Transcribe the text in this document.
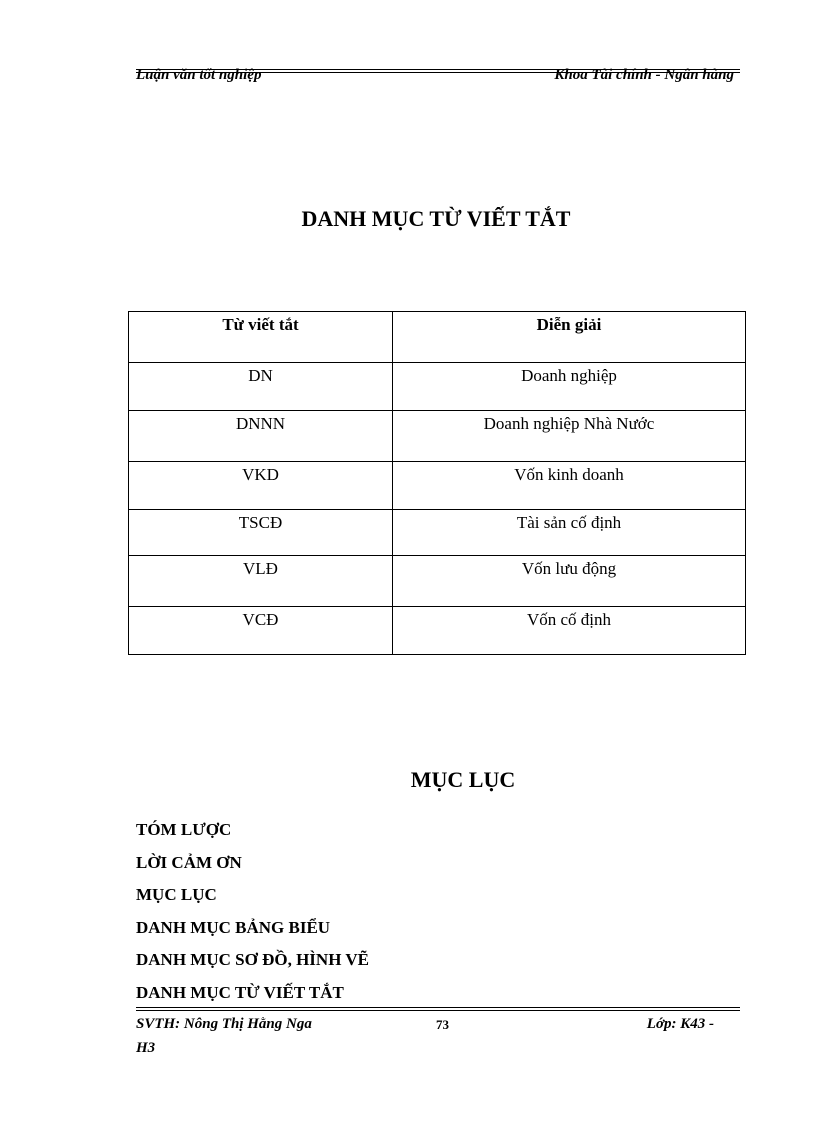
Luận văn tốt nghiệp	Khoa Tài chính - Ngân hàng
DANH MỤC TỪ VIẾT TẮT
Từ viết tắt	Diễn giải
DN	Doanh nghiệp
DNNN	Doanh nghiệp Nhà Nước
VKD	Vốn kinh doanh
TSCĐ	Tài sản cố định
VLĐ	Vốn lưu động
VCĐ	Vốn cố định
MỤC LỤC
TÓM LƯỢC
LỜI CẢM ƠN
MỤC LỤC
DANH MỤC BẢNG BIỂU
DANH MỤC SƠ ĐỒ, HÌNH VẼ
DANH MỤC TỪ VIẾT TẮT
SVTH: Nông Thị Hằng Nga	73	Lớp: K43 -
H3
